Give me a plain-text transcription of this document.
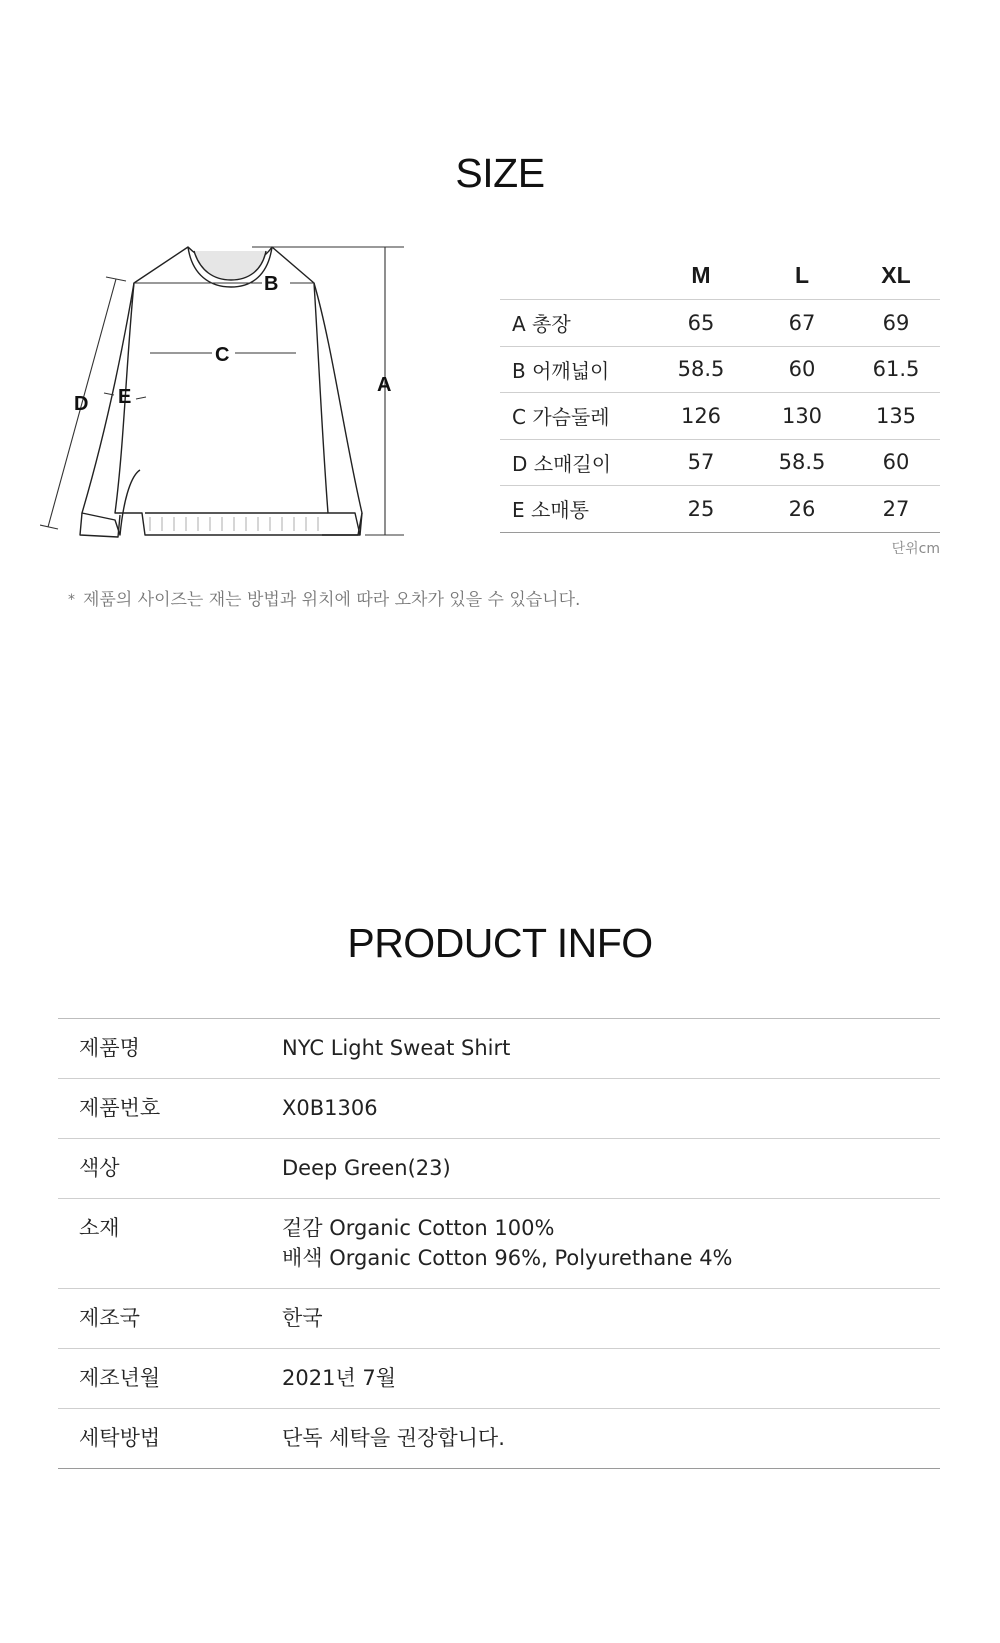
SIZE
A
B
C
D E
M	L	XL
A 총장	65	67	69
B 어깨넓이	58.5	60	61.5
C 가슴둘레	126	130	135
D 소매길이	57	58.5	60
E 소매통	25	26	27
단위cm
* 제품의 사이즈는 재는 방법과 위치에 따라 오차가 있을 수 있습니다.
PRODUCT INFO
제품명	NYC Light Sweat Shirt
제품번호	X0B1306
색상	Deep Green(23)
소재	겉감 Organic Cotton 100%
배색 Organic Cotton 96%, Polyurethane 4%
제조국	한국
제조년월	2021년 7월
세탁방법	단독 세탁을 권장합니다.
